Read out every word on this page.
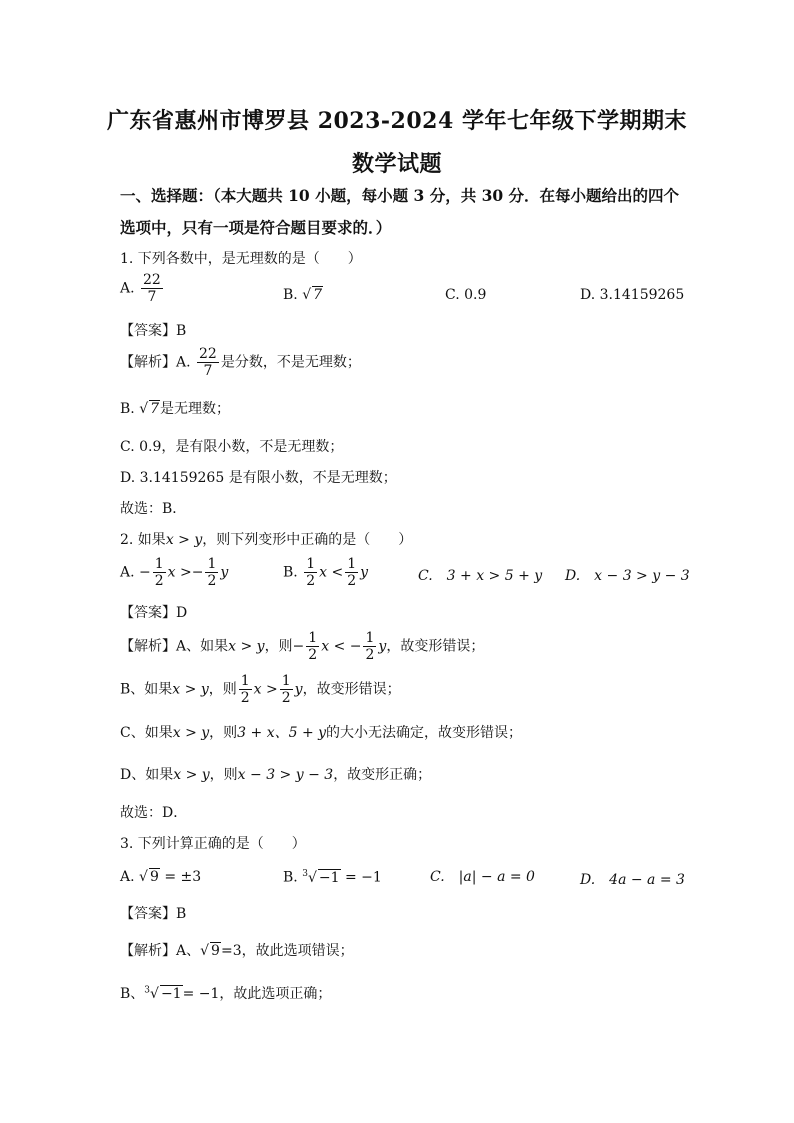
广东省惠州市博罗县 2023-2024 学年七年级下学期期末
数学试题
一、选择题：（本大题共 10 小题，每小题 3 分，共 30 分．在每小题给出的四个选项中，只有一项是符合题目要求的．）
1. 下列各数中，是无理数的是（　　）
A. $\frac{22}{7}$	B. √ 7	C. 0.9	D. 3.14159265
【答案】B
【解析】A. $\frac{22}{7}$ 是分数，不是无理数；
B. √ 7是无理数；
C. 0.9，是有限小数，不是无理数；
D. 3.14159265 是有限小数，不是无理数；
故选：B．
2. 如果x > y，则下列变形中正确的是（　　）
A. − $\frac{1}{2}$ $x >- \frac{1}{2}$ y	B. $\frac{1}{2}$ $x < \frac{1}{2}$ y	C.　3 + x > 5 + y D.　x − 3 > y − 3
【答案】D
【解析】A、如果x > y，则− $\frac{1}{2}$ x < − $\frac{1}{2}$ y，故变形错误；
B、如果x > y，则 $\frac{1}{2}$ $x > \frac{1}{2}$ y，故变形错误；
C、如果x > y，则3 + x、5 + y的大小无法确定，故变形错误；
D、如果x > y，则x − 3 > y − 3，故变形正确；
故选：D．
3. 下列计算正确的是（　　）
A. √ 9 = ±3	B. $^3$√ −1 = −1	C.　|a| − a = 0	D.　4a − a = 3
【答案】B
【解析】A、√ 9=3，故此选项错误；
B、$^3$√ −1= −1，故此选项正确；
